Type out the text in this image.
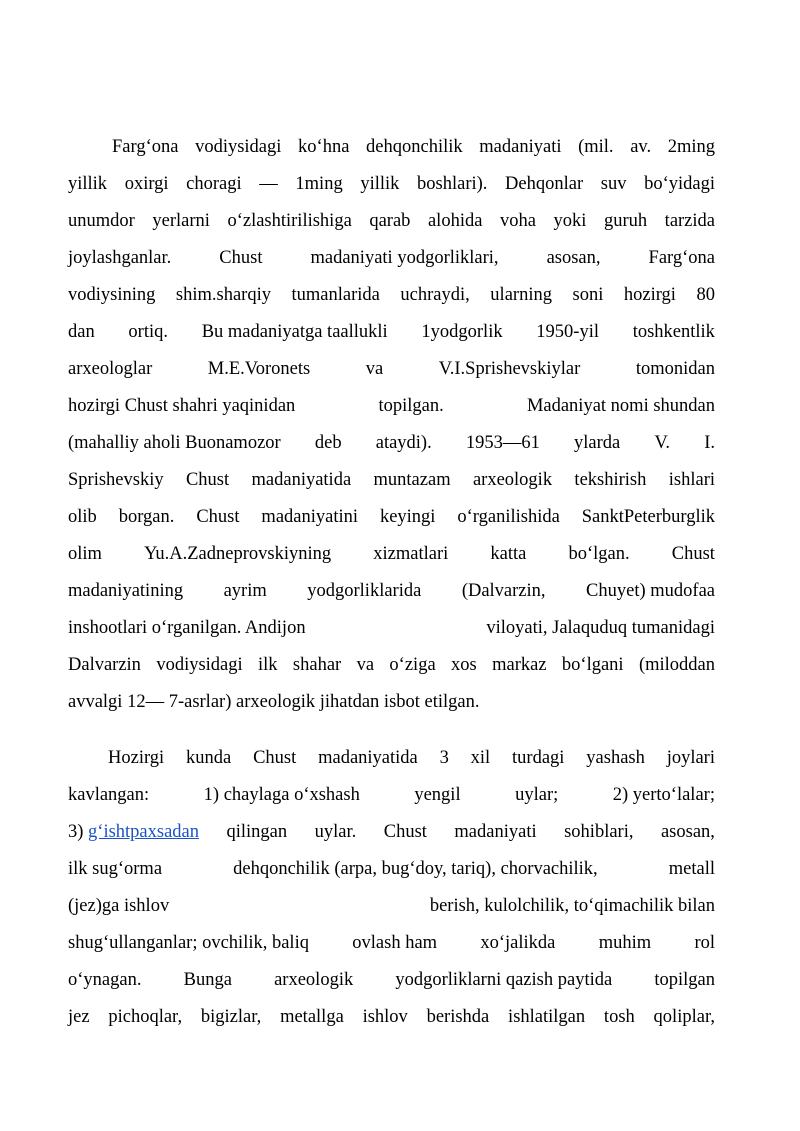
Farg‘ona vodiysidagi ko‘hna dehqonchilik madaniyati (mil. av. 2ming
yillik oxirgi choragi — 1ming yillik boshlari). Dehqonlar suv bo‘yidagi
unumdor yerlarni o‘zlashtirilishiga qarab alohida voha yoki guruh tarzida
joylashganlar.	Chust	madaniyati yodgorliklari,	asosan,	Farg‘ona
vodiysining shim.sharqiy tumanlarida uchraydi, ularning soni hozirgi 80
dan ortiq. Bu madaniyatga taallukli 1yodgorlik 1950-yil toshkentlik
arxeologlar	M.E.Voronets	va	V.I.Sprishevskiylar	tomonidan
hozirgi Chust shahri yaqinidan	topilgan.	Madaniyat nomi shundan
(mahalliy aholi Buonamozor deb ataydi). 1953—61 ylarda V. I.
Sprishevskiy Chust madaniyatida muntazam arxeologik tekshirish ishlari
olib borgan. Chust madaniyatini keyingi o‘rganilishida SanktPeterburglik
olim Yu.A.Zadneprovskiyning xizmatlari katta bo‘lgan. Chust
madaniyatining ayrim yodgorliklarida (Dalvarzin, Chuyet) mudofaa
inshootlari o‘rganilgan. Andijon	viloyati, Jalaquduq tumanidagi
Dalvarzin vodiysidagi ilk shahar va o‘ziga xos markaz bo‘lgani (miloddan
avvalgi 12— 7-asrlar) arxeologik jihatdan isbot etilgan.
Hozirgi kunda Chust madaniyatida 3 xil turdagi yashash joylari
kavlangan:	1) chaylaga o‘xshash	yengil	uylar;	2) yerto‘lalar;
3) g‘ishtpaxsadan qilingan uylar. Chust madaniyati sohiblari, asosan,
ilk sug‘orma	dehqonchilik (arpa, bug‘doy, tariq), chorvachilik,	metall
(jez)ga ishlov	berish, kulolchilik, to‘qimachilik bilan
shug‘ullanganlar; ovchilik, baliq ovlash ham xo‘jalikda muhim rol
o‘ynagan. Bunga arxeologik yodgorliklarni qazish paytida topilgan
jez pichoqlar, bigizlar, metallga ishlov berishda ishlatilgan tosh qoliplar,
